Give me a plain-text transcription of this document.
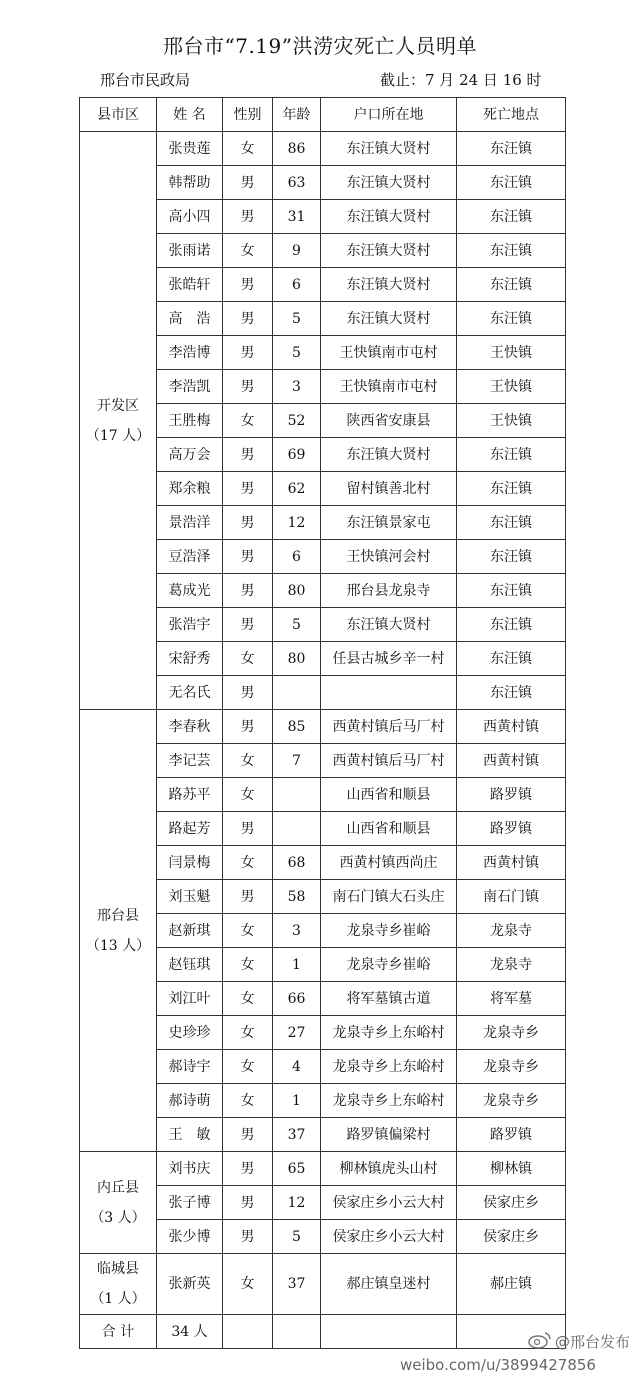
邢台市“7.19”洪涝灾死亡人员明单
邢台市民政局	截止：7 月 24 日 16 时
县市区	姓 名	性别	年龄	户口所在地	死亡地点
开发区
（17 人）	张贵莲	女	86	东汪镇大贤村	东汪镇
	韩帮助	男	63	东汪镇大贤村	东汪镇
	高小四	男	31	东汪镇大贤村	东汪镇
	张雨诺	女	9	东汪镇大贤村	东汪镇
	张皓轩	男	6	东汪镇大贤村	东汪镇
	高　浩	男	5	东汪镇大贤村	东汪镇
	李浩博	男	5	王快镇南市屯村	王快镇
	李浩凯	男	3	王快镇南市屯村	王快镇
	王胜梅	女	52	陕西省安康县	王快镇
	高万会	男	69	东汪镇大贤村	东汪镇
	郑余粮	男	62	留村镇善北村	东汪镇
	景浩洋	男	12	东汪镇景家屯	东汪镇
	豆浩泽	男	6	王快镇河会村	东汪镇
	葛成光	男	80	邢台县龙泉寺	东汪镇
	张浩宇	男	5	东汪镇大贤村	东汪镇
	宋舒秀	女	80	任县古城乡辛一村	东汪镇
	无名氏	男			东汪镇
邢台县
（13 人）	李春秋	男	85	西黄村镇后马厂村	西黄村镇
	李记芸	女	7	西黄村镇后马厂村	西黄村镇
	路苏平	女		山西省和顺县	路罗镇
	路起芳	男		山西省和顺县	路罗镇
	闫景梅	女	68	西黄村镇西尚庄	西黄村镇
	刘玉魁	男	58	南石门镇大石头庄	南石门镇
	赵新琪	女	3	龙泉寺乡崔峪	龙泉寺
	赵钰琪	女	1	龙泉寺乡崔峪	龙泉寺
	刘江叶	女	66	将军墓镇古道	将军墓
	史珍珍	女	27	龙泉寺乡上东峪村	龙泉寺乡
	郝诗宇	女	4	龙泉寺乡上东峪村	龙泉寺乡
	郝诗萌	女	1	龙泉寺乡上东峪村	龙泉寺乡
	王　敏	男	37	路罗镇偏梁村	路罗镇
内丘县
（3 人）	刘书庆	男	65	柳林镇虎头山村	柳林镇
	张子博	男	12	侯家庄乡小云大村	侯家庄乡
	张少博	男	5	侯家庄乡小云大村	侯家庄乡
临城县
（1 人）	张新英	女	37	郝庄镇皇迷村	郝庄镇
合 计	34 人				
@邢台发布
weibo.com/u/3899427856
